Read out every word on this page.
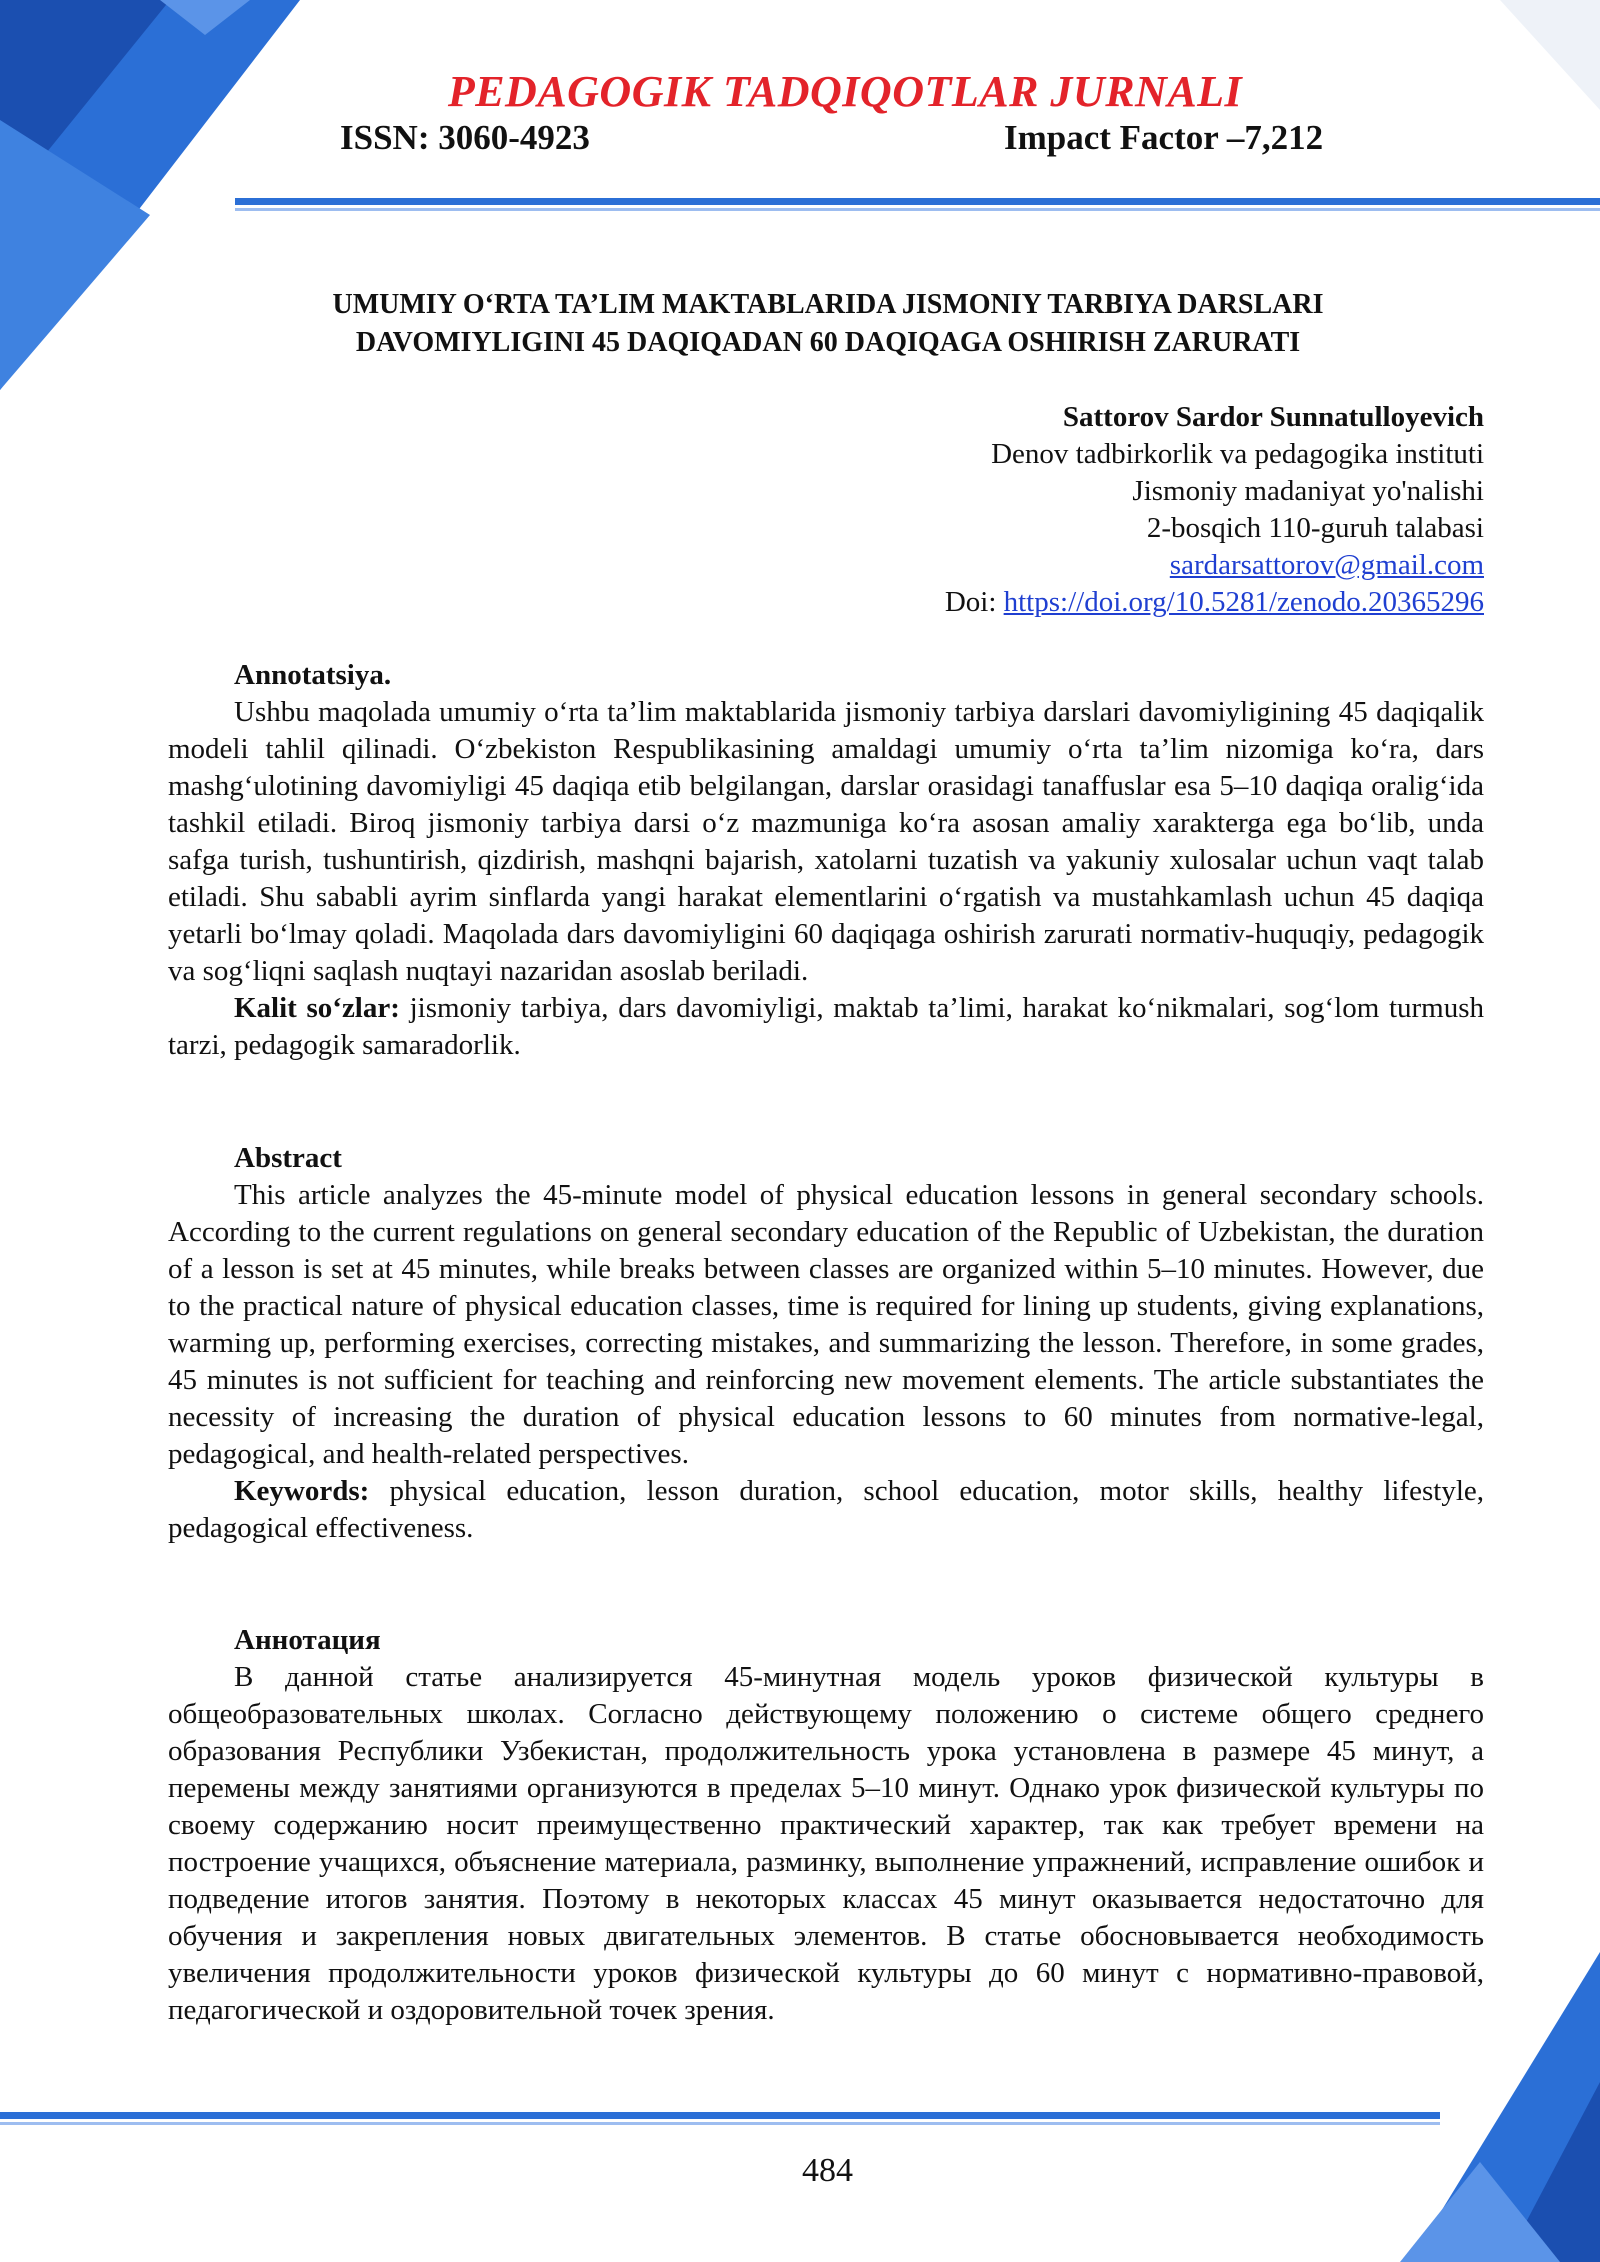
PEDAGOGIK TADQIQOTLAR JURNALI
ISSN: 3060-4923	Impact Factor –7,212
UMUMIY O‘RTA TA’LIM MAKTABLARIDA JISMONIY TARBIYA DARSLARI
DAVOMIYLIGINI 45 DAQIQADAN 60 DAQIQAGA OSHIRISH ZARURATI
Sattorov Sardor Sunnatulloyevich
Denov tadbirkorlik va pedagogika instituti
Jismoniy madaniyat yo'nalishi
2-bosqich 110-guruh talabasi
sardarsattorov@gmail.com
Doi: https://doi.org/10.5281/zenodo.20365296
Annotatsiya.

Ushbu maqolada umumiy o‘rta ta’lim maktablarida jismoniy tarbiya darslari davomiyligining 45 daqiqalik modeli tahlil qilinadi. O‘zbekiston Respublikasining amaldagi umumiy o‘rta ta’lim nizomiga ko‘ra, dars mashg‘ulotining davomiyligi 45 daqiqa etib belgilangan, darslar orasidagi tanaffuslar esa 5–10 daqiqa oralig‘ida tashkil etiladi. Biroq jismoniy tarbiya darsi o‘z mazmuniga ko‘ra asosan amaliy xarakterga ega bo‘lib, unda safga turish, tushuntirish, qizdirish, mashqni bajarish, xatolarni tuzatish va yakuniy xulosalar uchun vaqt talab etiladi. Shu sababli ayrim sinflarda yangi harakat elementlarini o‘rgatish va mustahkamlash uchun 45 daqiqa yetarli bo‘lmay qoladi. Maqolada dars davomiyligini 60 daqiqaga oshirish zarurati normativ-huquqiy, pedagogik va sog‘liqni saqlash nuqtayi nazaridan asoslab beriladi.

Kalit so‘zlar: jismoniy tarbiya, dars davomiyligi, maktab ta’limi, harakat ko‘nikmalari, sog‘lom turmush tarzi, pedagogik samaradorlik.

Abstract

This article analyzes the 45-minute model of physical education lessons in general secondary schools. According to the current regulations on general secondary education of the Republic of Uzbekistan, the duration of a lesson is set at 45 minutes, while breaks between classes are organized within 5–10 minutes. However, due to the practical nature of physical education classes, time is required for lining up students, giving explanations, warming up, performing exercises, correcting mistakes, and summarizing the lesson. Therefore, in some grades, 45 minutes is not sufficient for teaching and reinforcing new movement elements. The article substantiates the necessity of increasing the duration of physical education lessons to 60 minutes from normative-legal, pedagogical, and health-related perspectives.

Keywords: physical education, lesson duration, school education, motor skills, healthy lifestyle, pedagogical effectiveness.

Аннотация

В данной статье анализируется 45-минутная модель уроков физической культуры в общеобразовательных школах. Согласно действующему положению о системе общего среднего образования Республики Узбекистан, продолжительность урока установлена в размере 45 минут, а перемены между занятиями организуются в пределах 5–10 минут. Однако урок физической культуры по своему содержанию носит преимущественно практический характер, так как требует времени на построение учащихся, объяснение материала, разминку, выполнение упражнений, исправление ошибок и подведение итогов занятия. Поэтому в некоторых классах 45 минут оказывается недостаточно для обучения и закрепления новых двигательных элементов. В статье обосновывается необходимость увеличения продолжительности уроков физической культуры до 60 минут с нормативно-правовой, педагогической и оздоровительной точек зрения.

484
